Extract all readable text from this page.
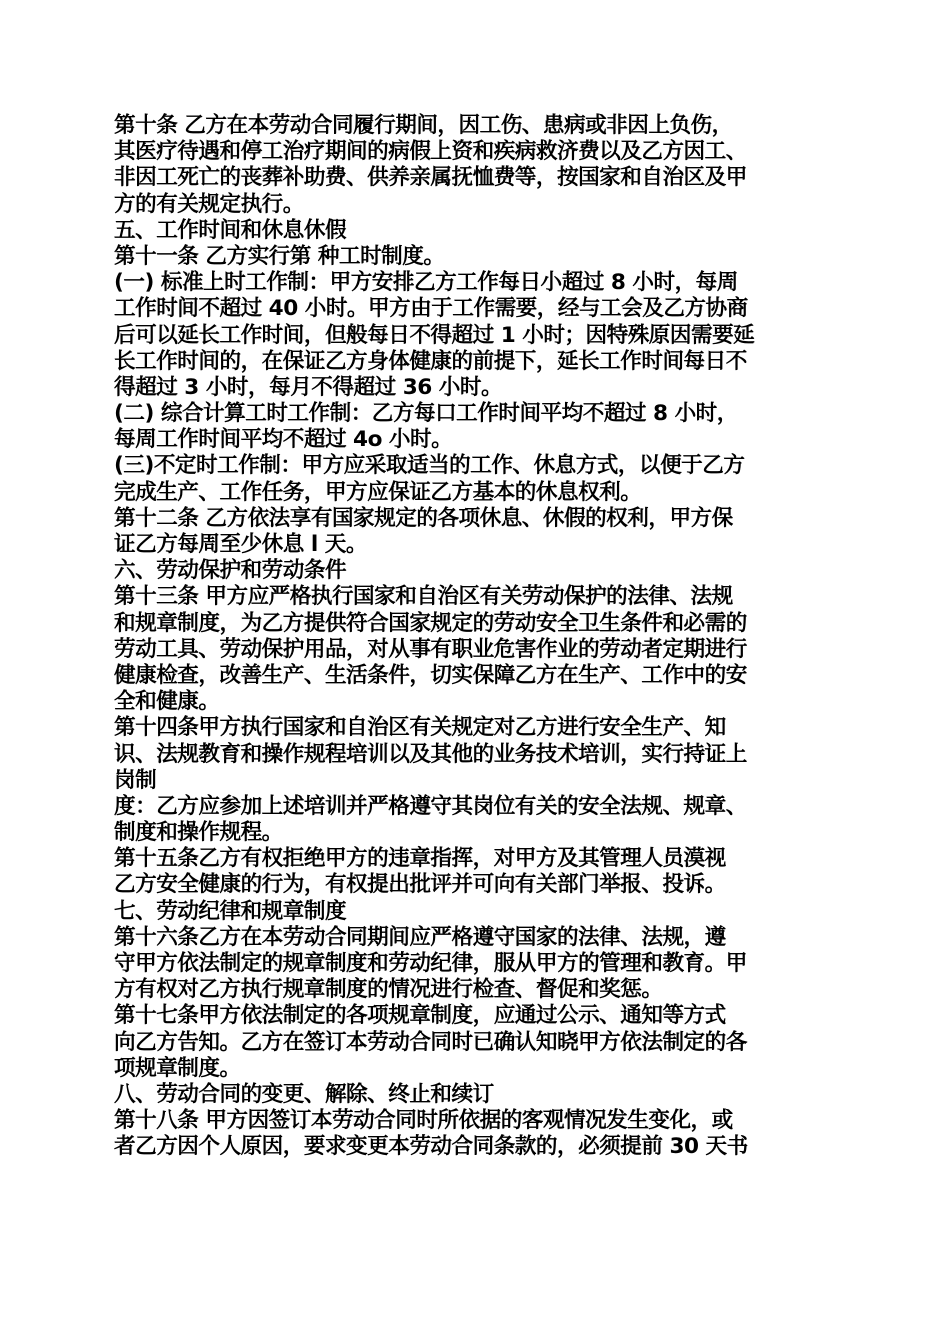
第十条 乙方在本劳动合同履行期间，因工伤、患病或非因上负伤，
其医疗待遇和停工治疗期间的病假上资和疾病救济费以及乙方因工、
非因工死亡的丧葬补助费、供养亲属抚恤费等，按国家和自治区及甲
方的有关规定执行。
五、工作时间和休息休假
第十一条 乙方实行第 种工时制度。
(一) 标准上时工作制：甲方安排乙方工作每日小超过 8 小时，每周
工作时间不超过 40 小时。甲方由于工作需要，经与工会及乙方协商
后可以延长工作时间，但般每日不得超过 1 小时；因特殊原因需要延
长工作时间的，在保证乙方身体健康的前提下，延长工作时间每日不
得超过 3 小时，每月不得超过 36 小时。
(二) 综合计算工时工作制：乙方每口工作时间平均不超过 8 小时，
每周工作时间平均不超过 4o 小时。
(三)不定时工作制：甲方应采取适当的工作、休息方式，以便于乙方
完成生产、工作任务，甲方应保证乙方基本的休息权利。
第十二条 乙方依法享有国家规定的各项休息、休假的权利，甲方保
证乙方每周至少休息 l 天。
六、劳动保护和劳动条件
第十三条 甲方应严格执行国家和自治区有关劳动保护的法律、法规
和规章制度，为乙方提供符合国家规定的劳动安全卫生条件和必需的
劳动工具、劳动保护用品，对从事有职业危害作业的劳动者定期进行
健康检查，改善生产、生活条件，切实保障乙方在生产、工作中的安
全和健康。
第十四条甲方执行国家和自治区有关规定对乙方进行安全生产、知
识、法规教育和操作规程培训以及其他的业务技术培训，实行持证上
岗制
度：乙方应参加上述培训并严格遵守其岗位有关的安全法规、规章、
制度和操作规程。
第十五条乙方有权拒绝甲方的违章指挥，对甲方及其管理人员漠视
乙方安全健康的行为，有权提出批评并可向有关部门举报、投诉。
七、劳动纪律和规章制度
第十六条乙方在本劳动合同期间应严格遵守国家的法律、法规，遵
守甲方依法制定的规章制度和劳动纪律，服从甲方的管理和教育。甲
方有权对乙方执行规章制度的情况进行检查、督促和奖惩。
第十七条甲方依法制定的各项规章制度，应通过公示、通知等方式
向乙方告知。乙方在签订本劳动合同时已确认知晓甲方依法制定的各
项规章制度。
八、劳动合同的变更、解除、终止和续订
第十八条 甲方因签订本劳动合同时所依据的客观情况发生变化，或
者乙方因个人原因，要求变更本劳动合同条款的，必须提前 30 天书
